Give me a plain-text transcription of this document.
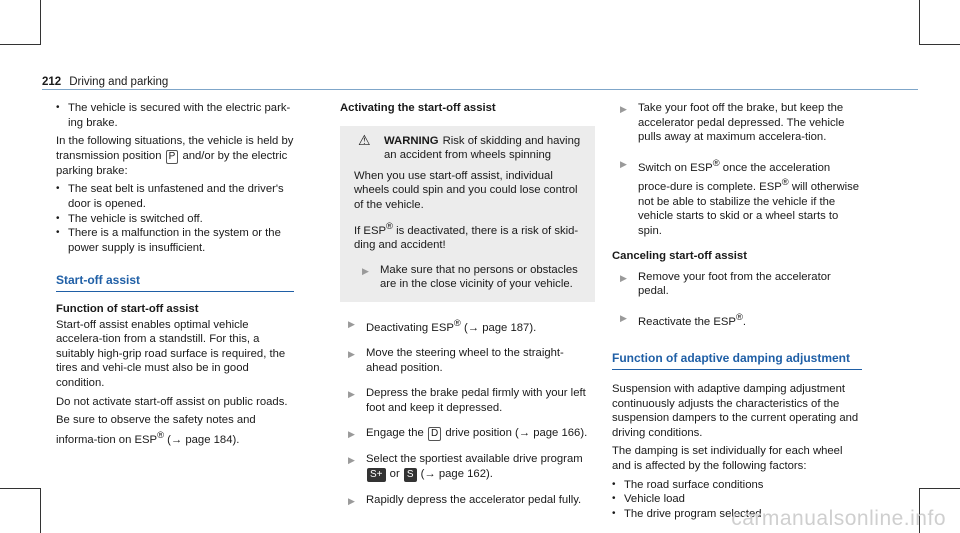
212 Driving and parking
• The vehicle is secured with the electric park-ing brake.

In the following situations, the vehicle is held by transmission position P and/or by the electric parking brake:

• The seat belt is unfastened and the driver's door is opened.
• The vehicle is switched off.
• There is a malfunction in the system or the power supply is insufficient.
Start-off assist
Function of start-off assist

Start-off assist enables optimal vehicle accelera-tion from a standstill. For this, a suitably high-grip road surface is required, the tires and vehi-cle must also be in good condition.

Do not activate start-off assist on public roads.

Be sure to observe the safety notes and informa-tion on ESP® (→ page 184).

Activating the start-off assist
⚠ WARNING Risk of skidding and having an accident from wheels spinning

When you use start-off assist, individual wheels could spin and you could lose control of the vehicle.

If ESP® is deactivated, there is a risk of skid-ding and accident!

▶ Make sure that no persons or obstacles are in the close vicinity of your vehicle.
▶ Deactivating ESP® (→ page 187).
▶ Move the steering wheel to the straight-ahead position.
▶ Depress the brake pedal firmly with your left foot and keep it depressed.
▶ Engage the D drive position (→ page 166).
▶ Select the sportiest available drive program
S+ or S (→ page 162).
▶ Rapidly depress the accelerator pedal fully.
▶ Take your foot off the brake, but keep the accelerator pedal depressed. The vehicle pulls away at maximum accelera-tion.
▶ Switch on ESP® once the acceleration proce-dure is complete. ESP® will otherwise not be able to stabilize the vehicle if the vehicle starts to skid or a wheel starts to spin.
Canceling start-off assist
▶ Remove your foot from the accelerator pedal.
▶ Reactivate the ESP®.
Function of adaptive damping adjustment

Suspension with adaptive damping adjustment continuously adjusts the characteristics of the suspension dampers to the current operating and driving conditions.

The damping is set individually for each wheel and is affected by the following factors:

• The road surface conditions
• Vehicle load
• The drive program selected
carmanualsonline.info
